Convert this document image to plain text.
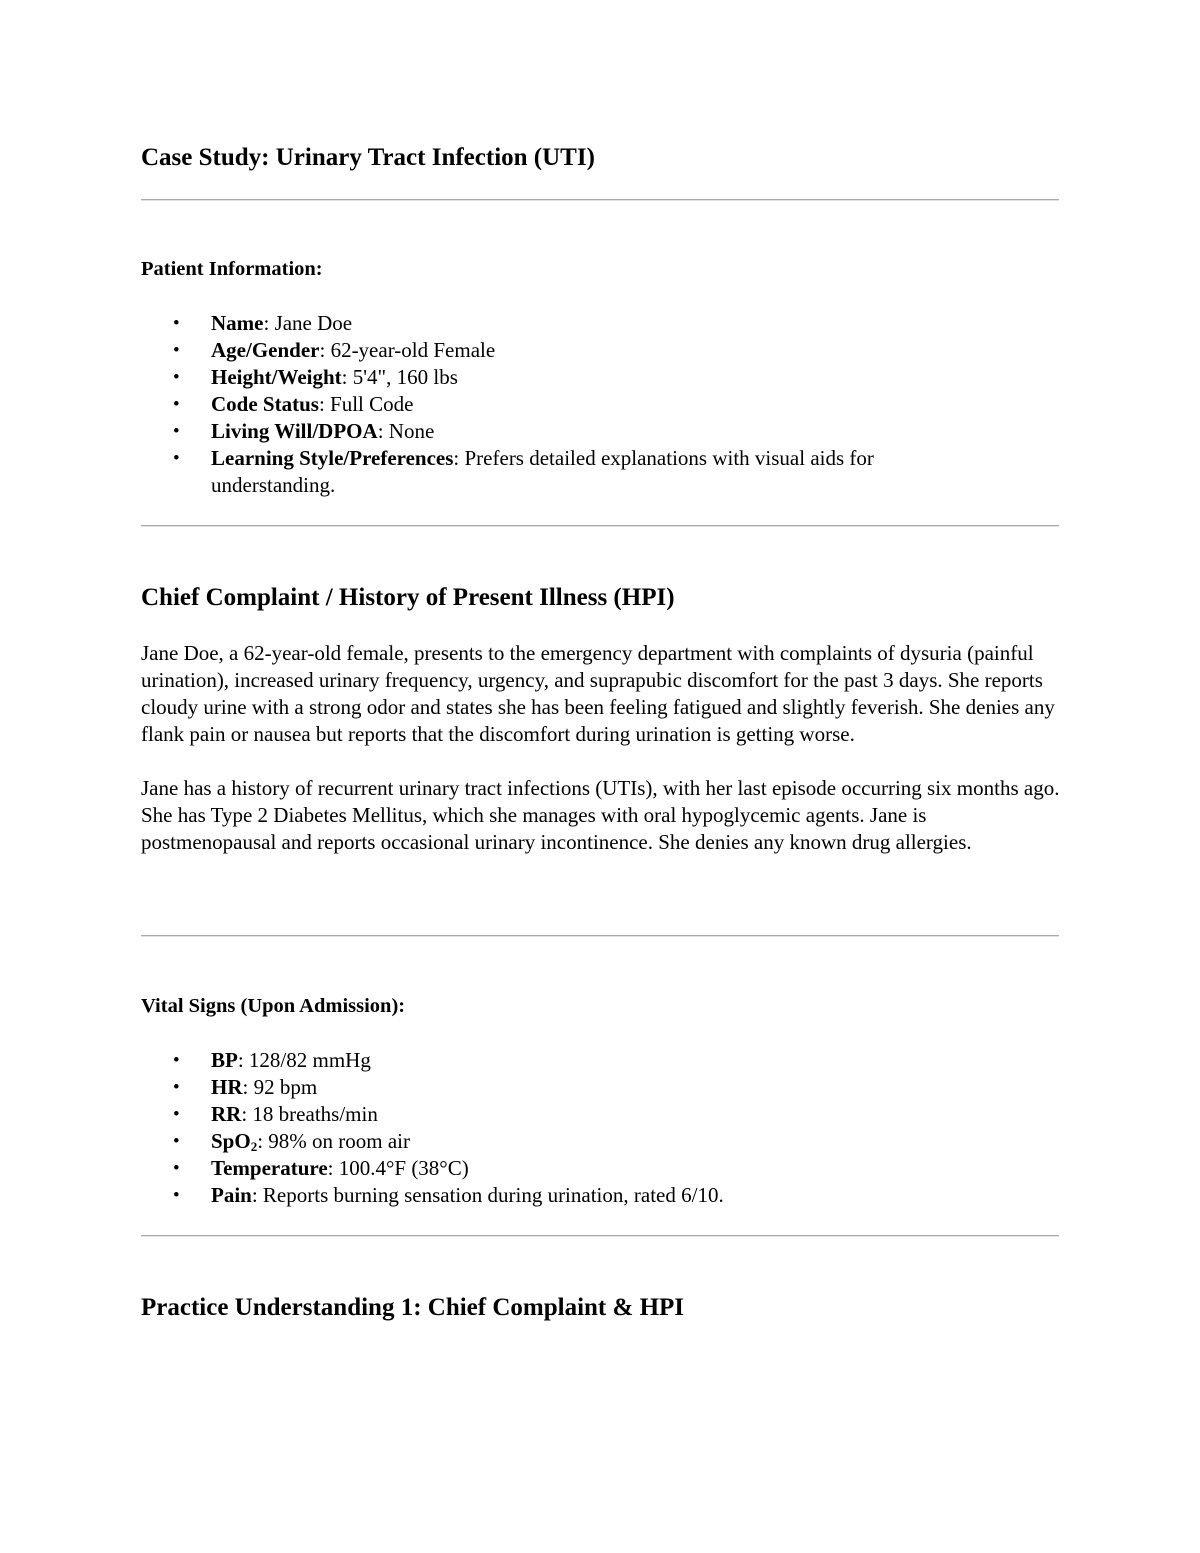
Case Study: Urinary Tract Infection (UTI)
Patient Information:
• Name: Jane Doe
• Age/Gender: 62-year-old Female
• Height/Weight: 5'4", 160 lbs
• Code Status: Full Code
• Living Will/DPOA: None
• Learning Style/Preferences: Prefers detailed explanations with visual aids for understanding.
Chief Complaint / History of Present Illness (HPI)

Jane Doe, a 62-year-old female, presents to the emergency department with complaints of dysuria (painful urination), increased urinary frequency, urgency, and suprapubic discomfort for the past 3 days. She reports cloudy urine with a strong odor and states she has been feeling fatigued and slightly feverish. She denies any flank pain or nausea but reports that the discomfort during urination is getting worse.

Jane has a history of recurrent urinary tract infections (UTIs), with her last episode occurring six months ago. She has Type 2 Diabetes Mellitus, which she manages with oral hypoglycemic agents. Jane is postmenopausal and reports occasional urinary incontinence. She denies any known drug allergies.

Vital Signs (Upon Admission):
• BP: 128/82 mmHg
• HR: 92 bpm
• RR: 18 breaths/min
• SpO$_2$: 98% on room air
• Temperature: 100.4°F (38°C)
• Pain: Reports burning sensation during urination, rated 6/10.
Practice Understanding 1: Chief Complaint & HPI
